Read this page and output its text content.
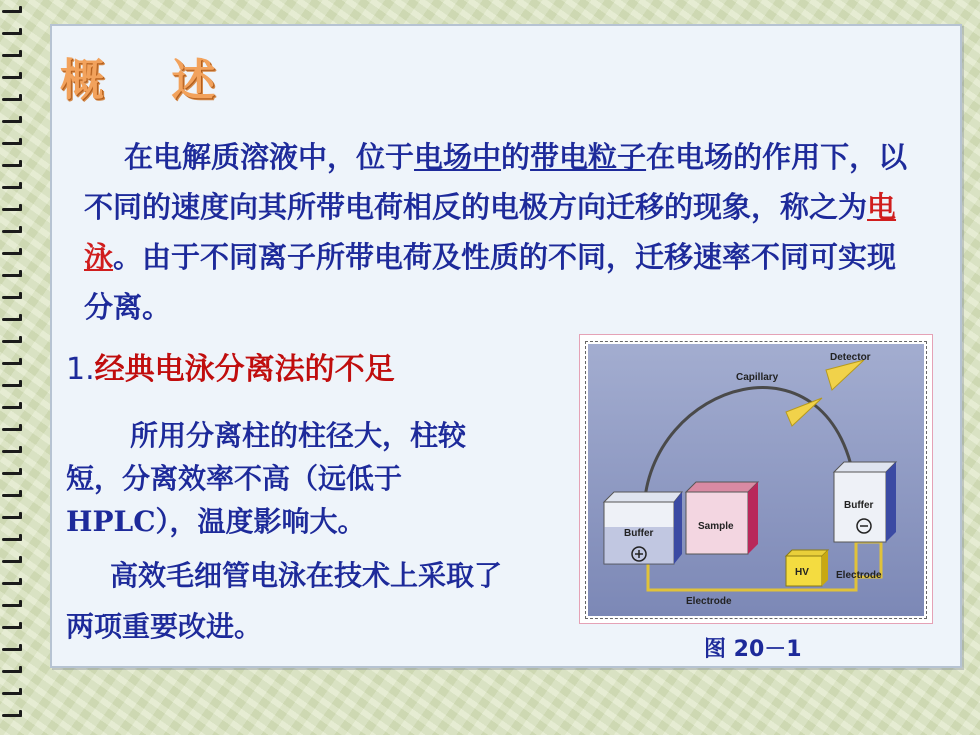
概 述

在电解质溶液中，位于电场中的带电粒子在电场的作用下，以不同的速度向其所带电荷相反的电极方向迁移的现象，称之为电泳。由于不同离子所带电荷及性质的不同，迁移速率不同可实现分离。

1.经典电泳分离法的不足

所用分离柱的柱径大，柱较短，分离效率不高（远低于HPLC），温度影响大。

高效毛细管电泳在技术上采取了两项重要改进。

Detector
Capillary
Buffer
Sample
Buffer
HV
Electrode
Electrode

图 20－1
